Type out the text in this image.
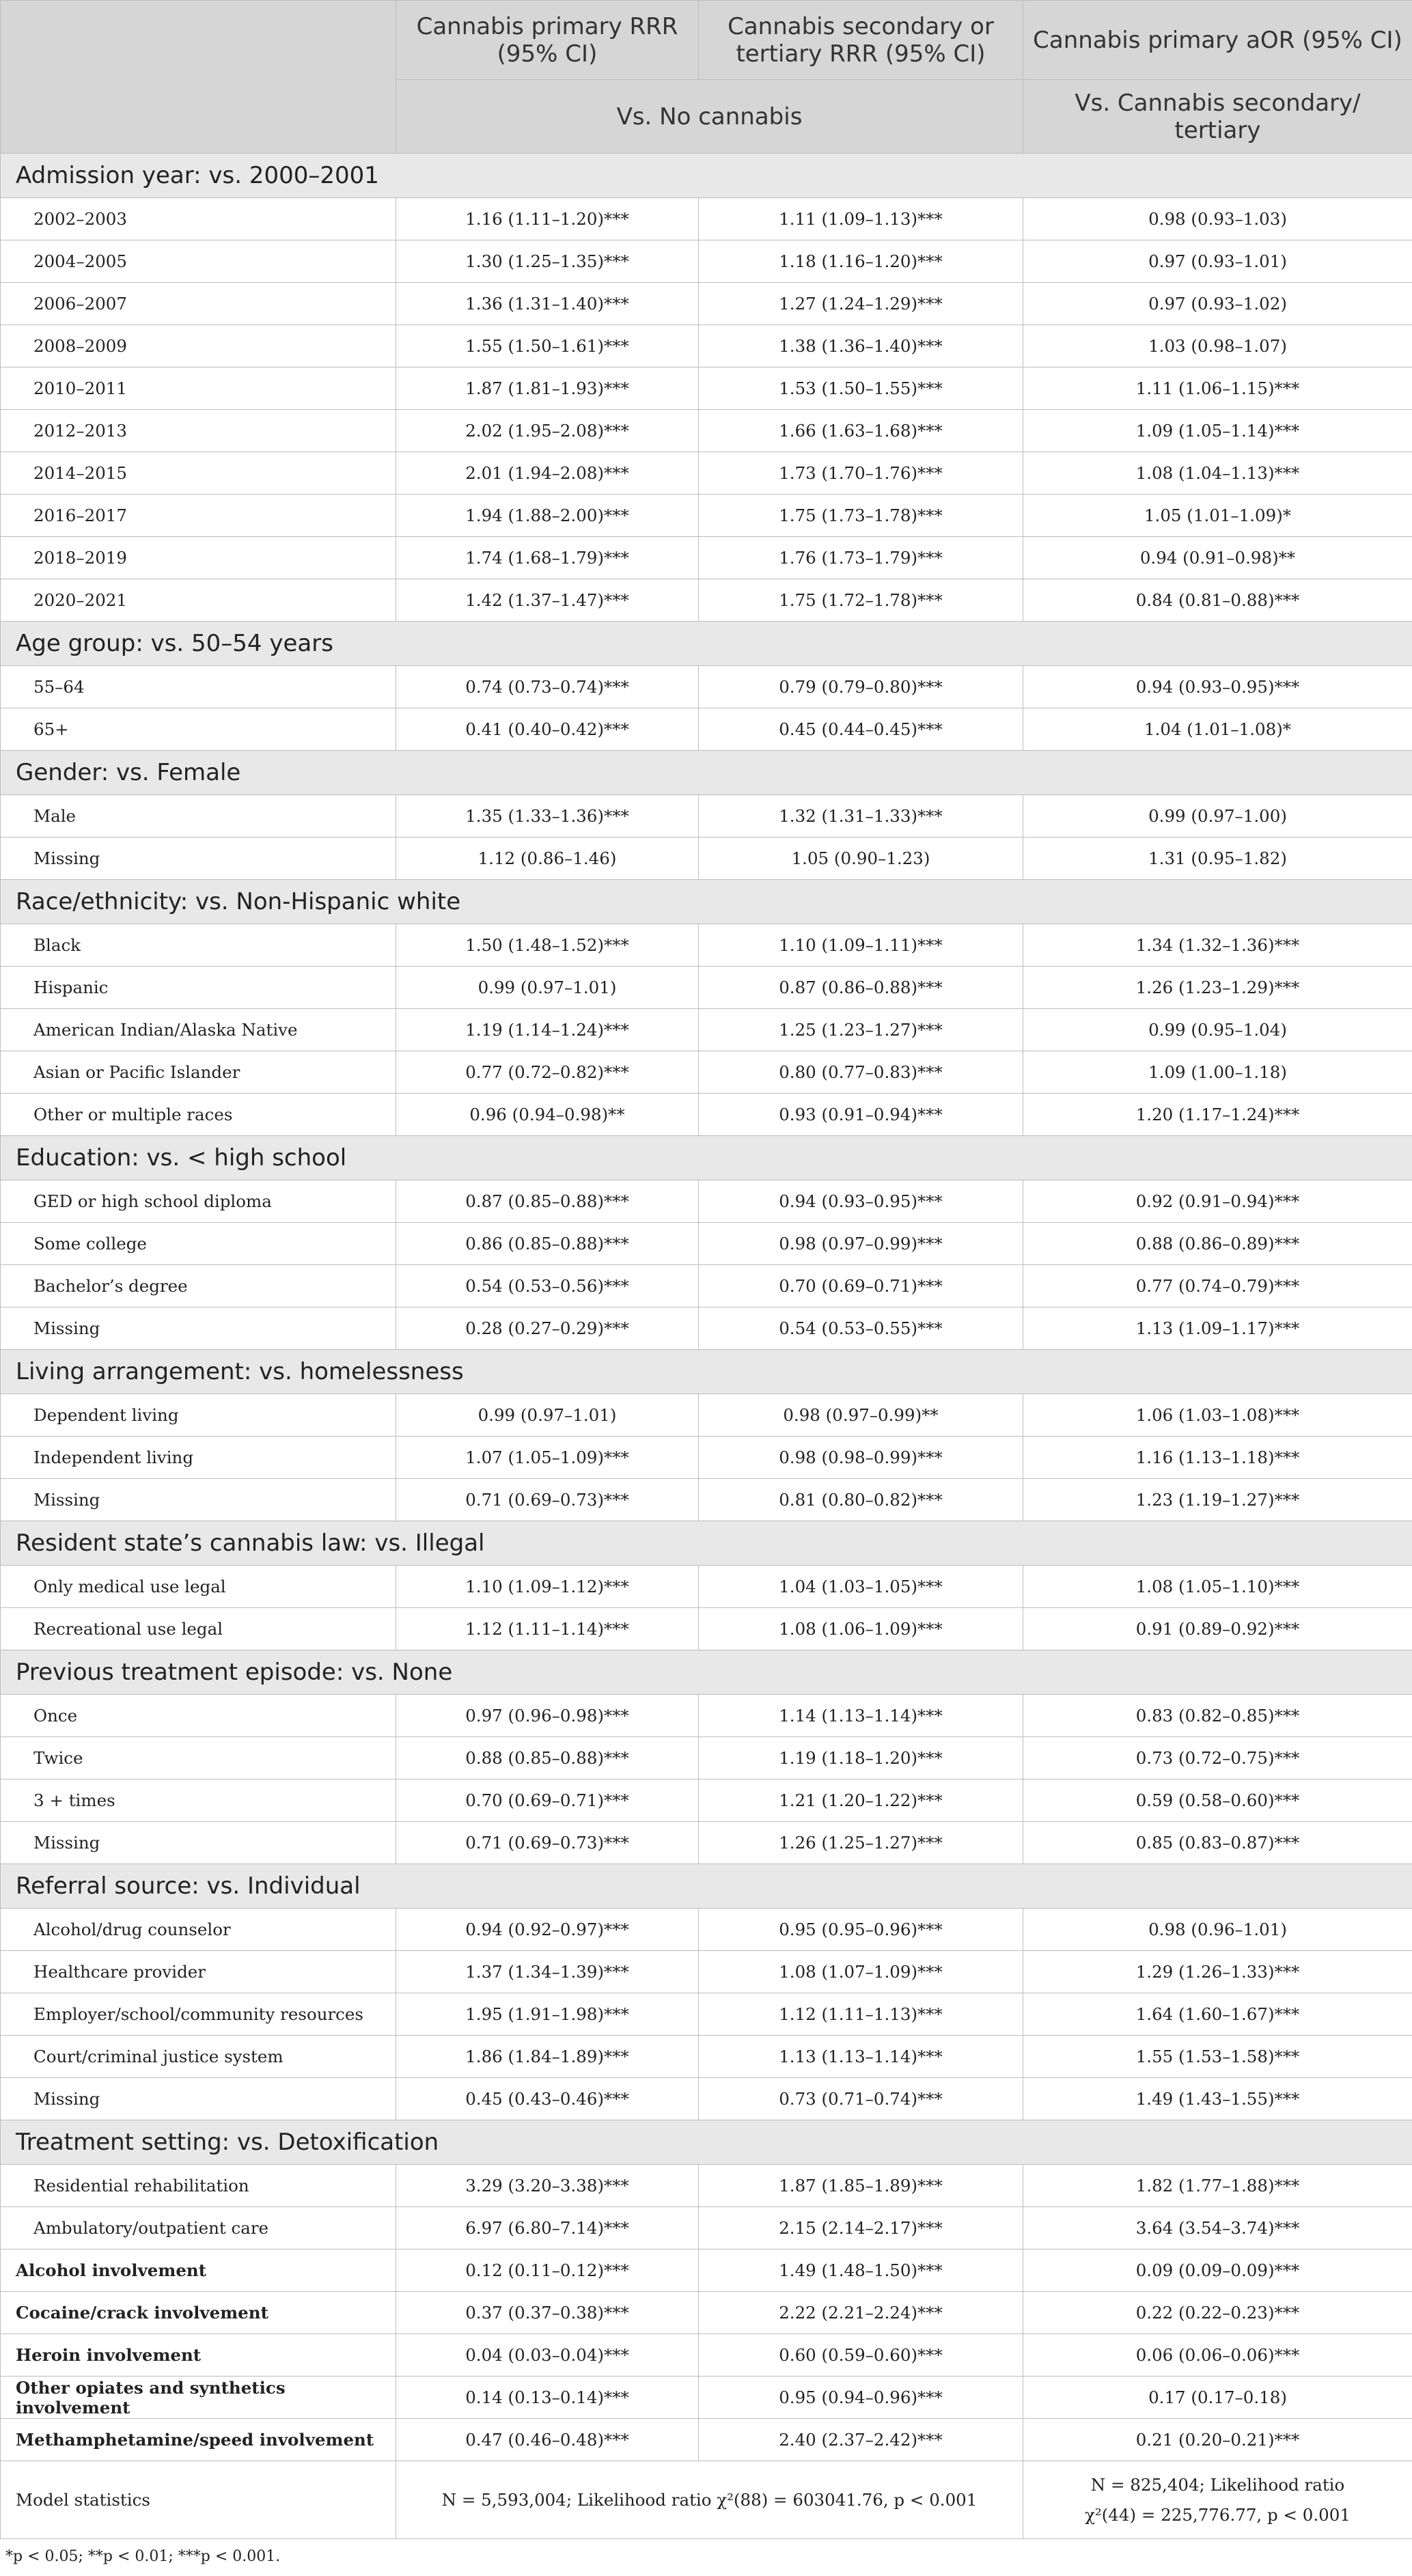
	Cannabis primary RRR (95% CI)	Cannabis secondary or tertiary RRR (95% CI)	Cannabis primary aOR (95% CI)
	Vs. No cannabis		Vs. Cannabis secondary/ tertiary
Admission year: vs. 2000–2001			
2002–2003	1.16 (1.11–1.20)***	1.11 (1.09–1.13)***	0.98 (0.93–1.03)
2004–2005	1.30 (1.25–1.35)***	1.18 (1.16–1.20)***	0.97 (0.93–1.01)
2006–2007	1.36 (1.31–1.40)***	1.27 (1.24–1.29)***	0.97 (0.93–1.02)
2008–2009	1.55 (1.50–1.61)***	1.38 (1.36–1.40)***	1.03 (0.98–1.07)
2010–2011	1.87 (1.81–1.93)***	1.53 (1.50–1.55)***	1.11 (1.06–1.15)***
2012–2013	2.02 (1.95–2.08)***	1.66 (1.63–1.68)***	1.09 (1.05–1.14)***
2014–2015	2.01 (1.94–2.08)***	1.73 (1.70–1.76)***	1.08 (1.04–1.13)***
2016–2017	1.94 (1.88–2.00)***	1.75 (1.73–1.78)***	1.05 (1.01–1.09)*
2018–2019	1.74 (1.68–1.79)***	1.76 (1.73–1.79)***	0.94 (0.91–0.98)**
2020–2021	1.42 (1.37–1.47)***	1.75 (1.72–1.78)***	0.84 (0.81–0.88)***
Age group: vs. 50–54 years			
55–64	0.74 (0.73–0.74)***	0.79 (0.79–0.80)***	0.94 (0.93–0.95)***
65+	0.41 (0.40–0.42)***	0.45 (0.44–0.45)***	1.04 (1.01–1.08)*
Gender: vs. Female			
Male	1.35 (1.33–1.36)***	1.32 (1.31–1.33)***	0.99 (0.97–1.00)
Missing	1.12 (0.86–1.46)	1.05 (0.90–1.23)	1.31 (0.95–1.82)
Race/ethnicity: vs. Non-Hispanic white			
Black	1.50 (1.48–1.52)***	1.10 (1.09–1.11)***	1.34 (1.32–1.36)***
Hispanic	0.99 (0.97–1.01)	0.87 (0.86–0.88)***	1.26 (1.23–1.29)***
American Indian/Alaska Native	1.19 (1.14–1.24)***	1.25 (1.23–1.27)***	0.99 (0.95–1.04)
Asian or Pacific Islander	0.77 (0.72–0.82)***	0.80 (0.77–0.83)***	1.09 (1.00–1.18)
Other or multiple races	0.96 (0.94–0.98)**	0.93 (0.91–0.94)***	1.20 (1.17–1.24)***
Education: vs. < high school			
GED or high school diploma	0.87 (0.85–0.88)***	0.94 (0.93–0.95)***	0.92 (0.91–0.94)***
Some college	0.86 (0.85–0.88)***	0.98 (0.97–0.99)***	0.88 (0.86–0.89)***
Bachelor’s degree	0.54 (0.53–0.56)***	0.70 (0.69–0.71)***	0.77 (0.74–0.79)***
Missing	0.28 (0.27–0.29)***	0.54 (0.53–0.55)***	1.13 (1.09–1.17)***
Living arrangement: vs. homelessness			
Dependent living	0.99 (0.97–1.01)	0.98 (0.97–0.99)**	1.06 (1.03–1.08)***
Independent living	1.07 (1.05–1.09)***	0.98 (0.98–0.99)***	1.16 (1.13–1.18)***
Missing	0.71 (0.69–0.73)***	0.81 (0.80–0.82)***	1.23 (1.19–1.27)***
Resident state’s cannabis law: vs. Illegal			
Only medical use legal	1.10 (1.09–1.12)***	1.04 (1.03–1.05)***	1.08 (1.05–1.10)***
Recreational use legal	1.12 (1.11–1.14)***	1.08 (1.06–1.09)***	0.91 (0.89–0.92)***
Previous treatment episode: vs. None			
Once	0.97 (0.96–0.98)***	1.14 (1.13–1.14)***	0.83 (0.82–0.85)***
Twice	0.88 (0.85–0.88)***	1.19 (1.18–1.20)***	0.73 (0.72–0.75)***
3 + times	0.70 (0.69–0.71)***	1.21 (1.20–1.22)***	0.59 (0.58–0.60)***
Missing	0.71 (0.69–0.73)***	1.26 (1.25–1.27)***	0.85 (0.83–0.87)***
Referral source: vs. Individual			
Alcohol/drug counselor	0.94 (0.92–0.97)***	0.95 (0.95–0.96)***	0.98 (0.96–1.01)
Healthcare provider	1.37 (1.34–1.39)***	1.08 (1.07–1.09)***	1.29 (1.26–1.33)***
Employer/school/community resources	1.95 (1.91–1.98)***	1.12 (1.11–1.13)***	1.64 (1.60–1.67)***
Court/criminal justice system	1.86 (1.84–1.89)***	1.13 (1.13–1.14)***	1.55 (1.53–1.58)***
Missing	0.45 (0.43–0.46)***	0.73 (0.71–0.74)***	1.49 (1.43–1.55)***
Treatment setting: vs. Detoxification			
Residential rehabilitation	3.29 (3.20–3.38)***	1.87 (1.85–1.89)***	1.82 (1.77–1.88)***
Ambulatory/outpatient care	6.97 (6.80–7.14)***	2.15 (2.14–2.17)***	3.64 (3.54–3.74)***
Alcohol involvement	0.12 (0.11–0.12)***	1.49 (1.48–1.50)***	0.09 (0.09–0.09)***
Cocaine/crack involvement	0.37 (0.37–0.38)***	2.22 (2.21–2.24)***	0.22 (0.22–0.23)***
Heroin involvement	0.04 (0.03–0.04)***	0.60 (0.59–0.60)***	0.06 (0.06–0.06)***
Other opiates and synthetics involvement	0.14 (0.13–0.14)***	0.95 (0.94–0.96)***	0.17 (0.17–0.18)
Methamphetamine/speed involvement	0.47 (0.46–0.48)***	2.40 (2.37–2.42)***	0.21 (0.20–0.21)***
Model statistics	N = 5,593,004; Likelihood ratio χ²(88) = 603041.76, p < 0.001		N = 825,404; Likelihood ratio
χ²(44) = 225,776.77, p < 0.001
*p < 0.05; **p < 0.01; ***p < 0.001.
